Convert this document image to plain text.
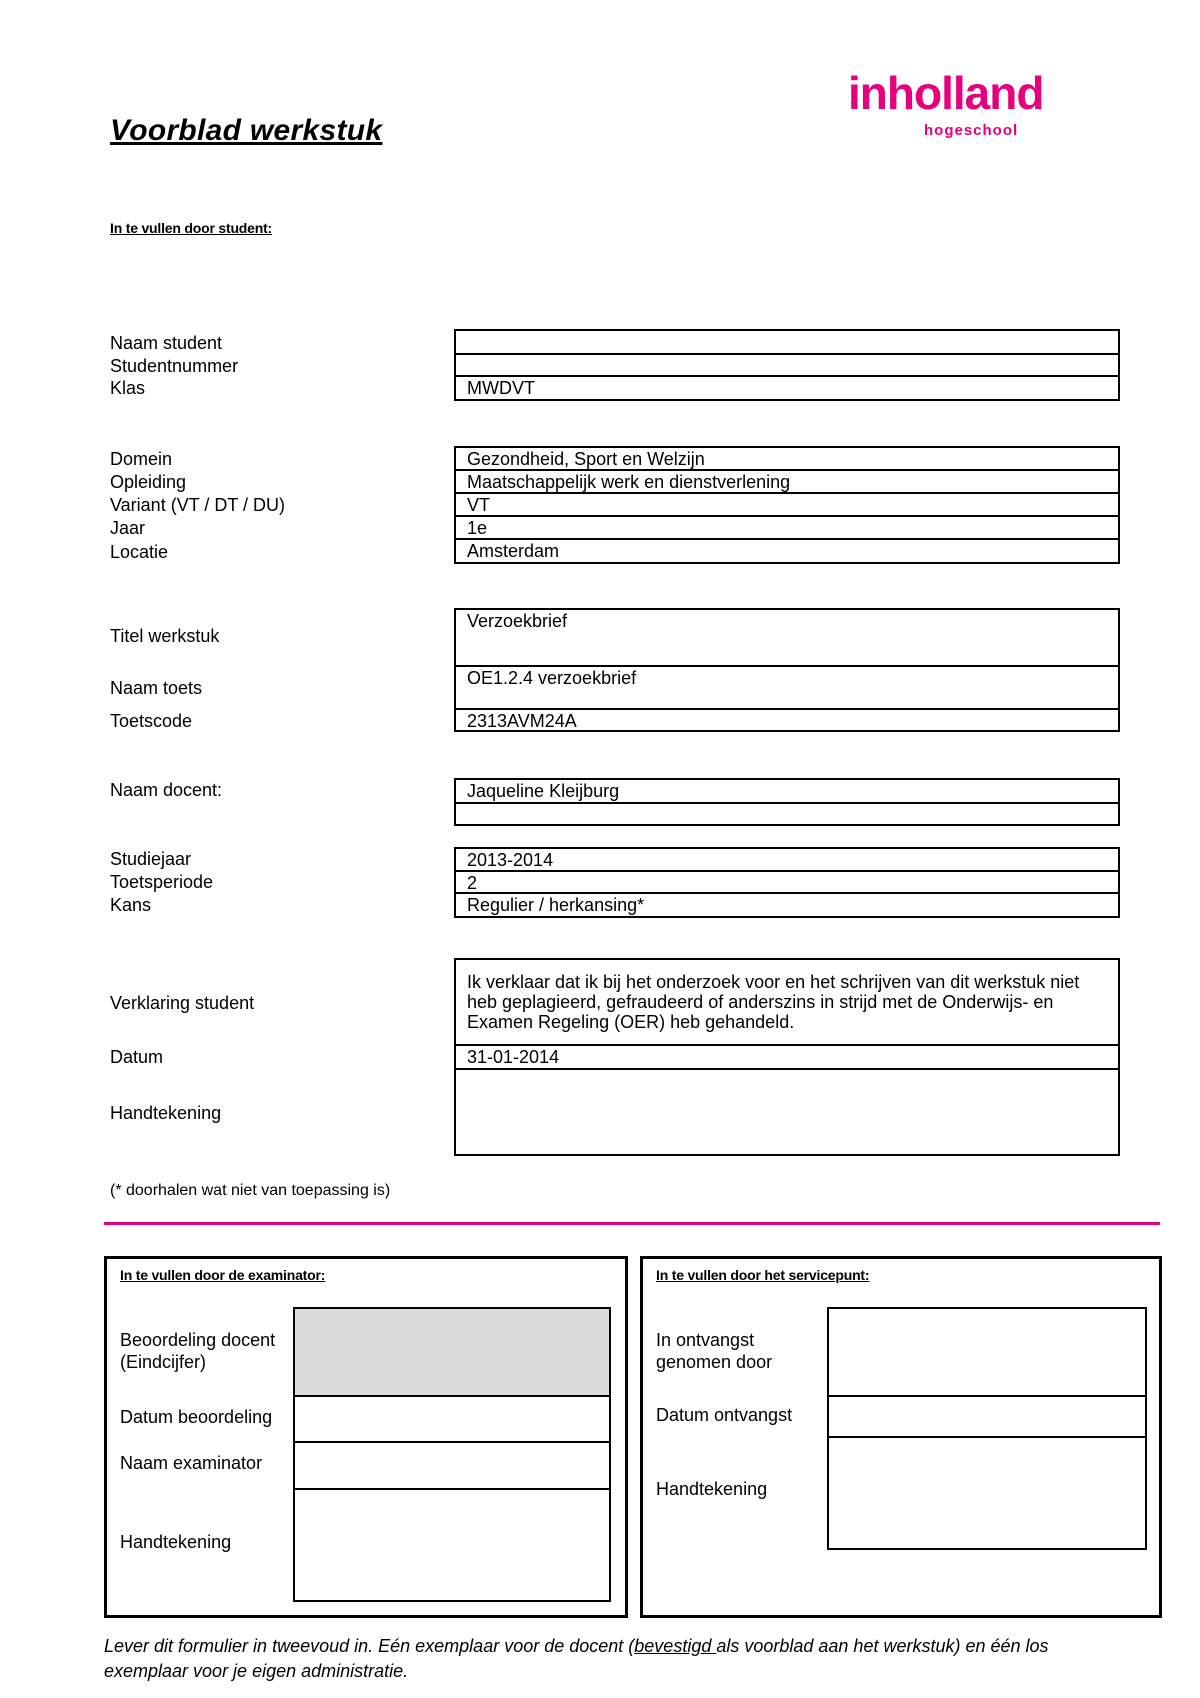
Voorblad werkstuk
inholland
hogeschool
In te vullen door student:
Naam student
Studentnummer
Klas	MWDVT
Domein
Opleiding
Variant (VT / DT / DU)
Jaar
Locatie
Gezondheid, Sport en Welzijn
Maatschappelijk werk en dienstverlening
VT
1e
Amsterdam
Titel werkstuk
Naam toets
Toetscode
Verzoekbrief
OE1.2.4 verzoekbrief
2313AVM24A
Naam docent:	Jaqueline Kleijburg
Studiejaar
Toetsperiode
Kans
2013-2014
2
Regulier / herkansing*
Verklaring student
Datum
Handtekening
Ik verklaar dat ik bij het onderzoek voor en het schrijven van dit werkstuk niet heb geplagieerd, gefraudeerd of anderszins in strijd met de Onderwijs- en Examen Regeling (OER) heb gehandeld.
31-01-2014
(* doorhalen wat niet van toepassing is)
In te vullen door de examinator:
Beoordeling docent (Eindcijfer)
Datum beoordeling
Naam examinator
Handtekening
In te vullen door het servicepunt:
In ontvangst genomen door
Datum ontvangst
Handtekening
Lever dit formulier in tweevoud in. Eén exemplaar voor de docent (bevestigd als voorblad aan het werkstuk) en één los exemplaar voor je eigen administratie.
